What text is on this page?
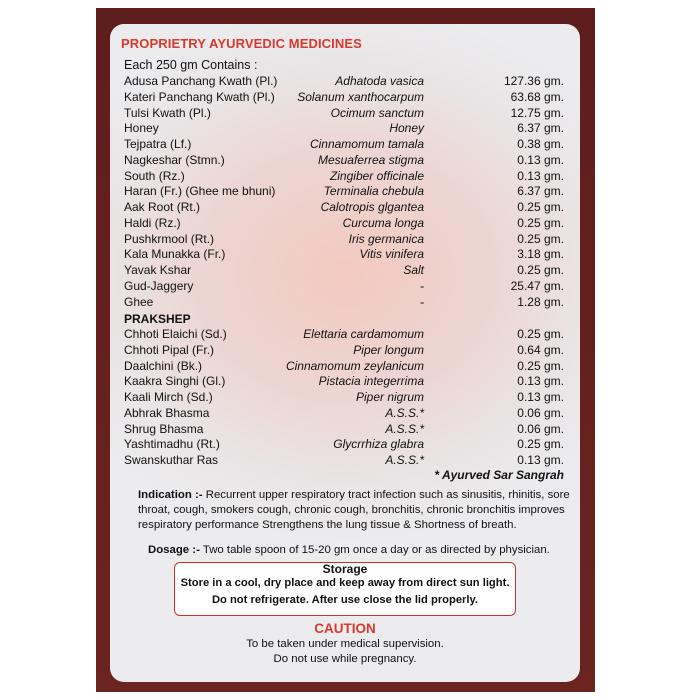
PROPRIETRY AYURVEDIC MEDICINES
Each 250 gm Contains :
Adusa Panchang Kwath (Pl.)	Adhatoda vasica	127.36 gm.
Kateri Panchang Kwath (Pl.) Solanum xanthocarpum	63.68 gm.
Tulsi Kwath (Pl.)	Ocimum sanctum	12.75 gm.
Honey	Honey	6.37 gm.
Tejpatra (Lf.)	Cinnamomum tamala	0.38 gm.
Nagkeshar (Stmn.)	Mesuaferrea stigma	0.13 gm.
South (Rz.)	Zingiber officinale	0.13 gm.
Haran (Fr.) (Ghee me bhuni)	Terminalia chebula	6.37 gm.
Aak Root (Rt.)	Calotropis glgantea	0.25 gm.
Haldi (Rz.)	Curcuma longa	0.25 gm.
Pushkrmool (Rt.)	Iris germanica	0.25 gm.
Kala Munakka (Fr.)	Vitis vinifera	3.18 gm.
Yavak Kshar	Salt	0.25 gm.
Gud-Jaggery	-	25.47 gm.
Ghee	-	1.28 gm.
PRAKSHEP
Chhoti Elaichi (Sd.)	Elettaria cardamomum	0.25 gm.
Chhoti Pipal (Fr.)	Piper longum	0.64 gm.
Daalchini (Bk.)	Cinnamomum zeylanicum	0.25 gm.
Kaakra Singhi (Gl.)	Pistacia integerrima	0.13 gm.
Kaali Mirch (Sd.)	Piper nigrum	0.13 gm.
Abhrak Bhasma	A.S.S.*	0.06 gm.
Shrug Bhasma	A.S.S.*	0.06 gm.
Yashtimadhu (Rt.)	Glycrrhiza glabra	0.25 gm.
Swanskuthar Ras	A.S.S.*	0.13 gm.
* Ayurved Sar Sangrah
Indication :- Recurrent upper respiratory tract infection such as sinusitis, rhinitis, sore throat, cough, smokers cough, chronic cough, bronchitis, chronic bronchitis improves respiratory performance Strengthens the lung tissue & Shortness of breath.
Dosage :- Two table spoon of 15-20 gm once a day or as directed by physician.
Storage
Store in a cool, dry place and keep away from direct sun light.
Do not refrigerate. After use close the lid properly.
CAUTION
To be taken under medical supervision.
Do not use while pregnancy.
